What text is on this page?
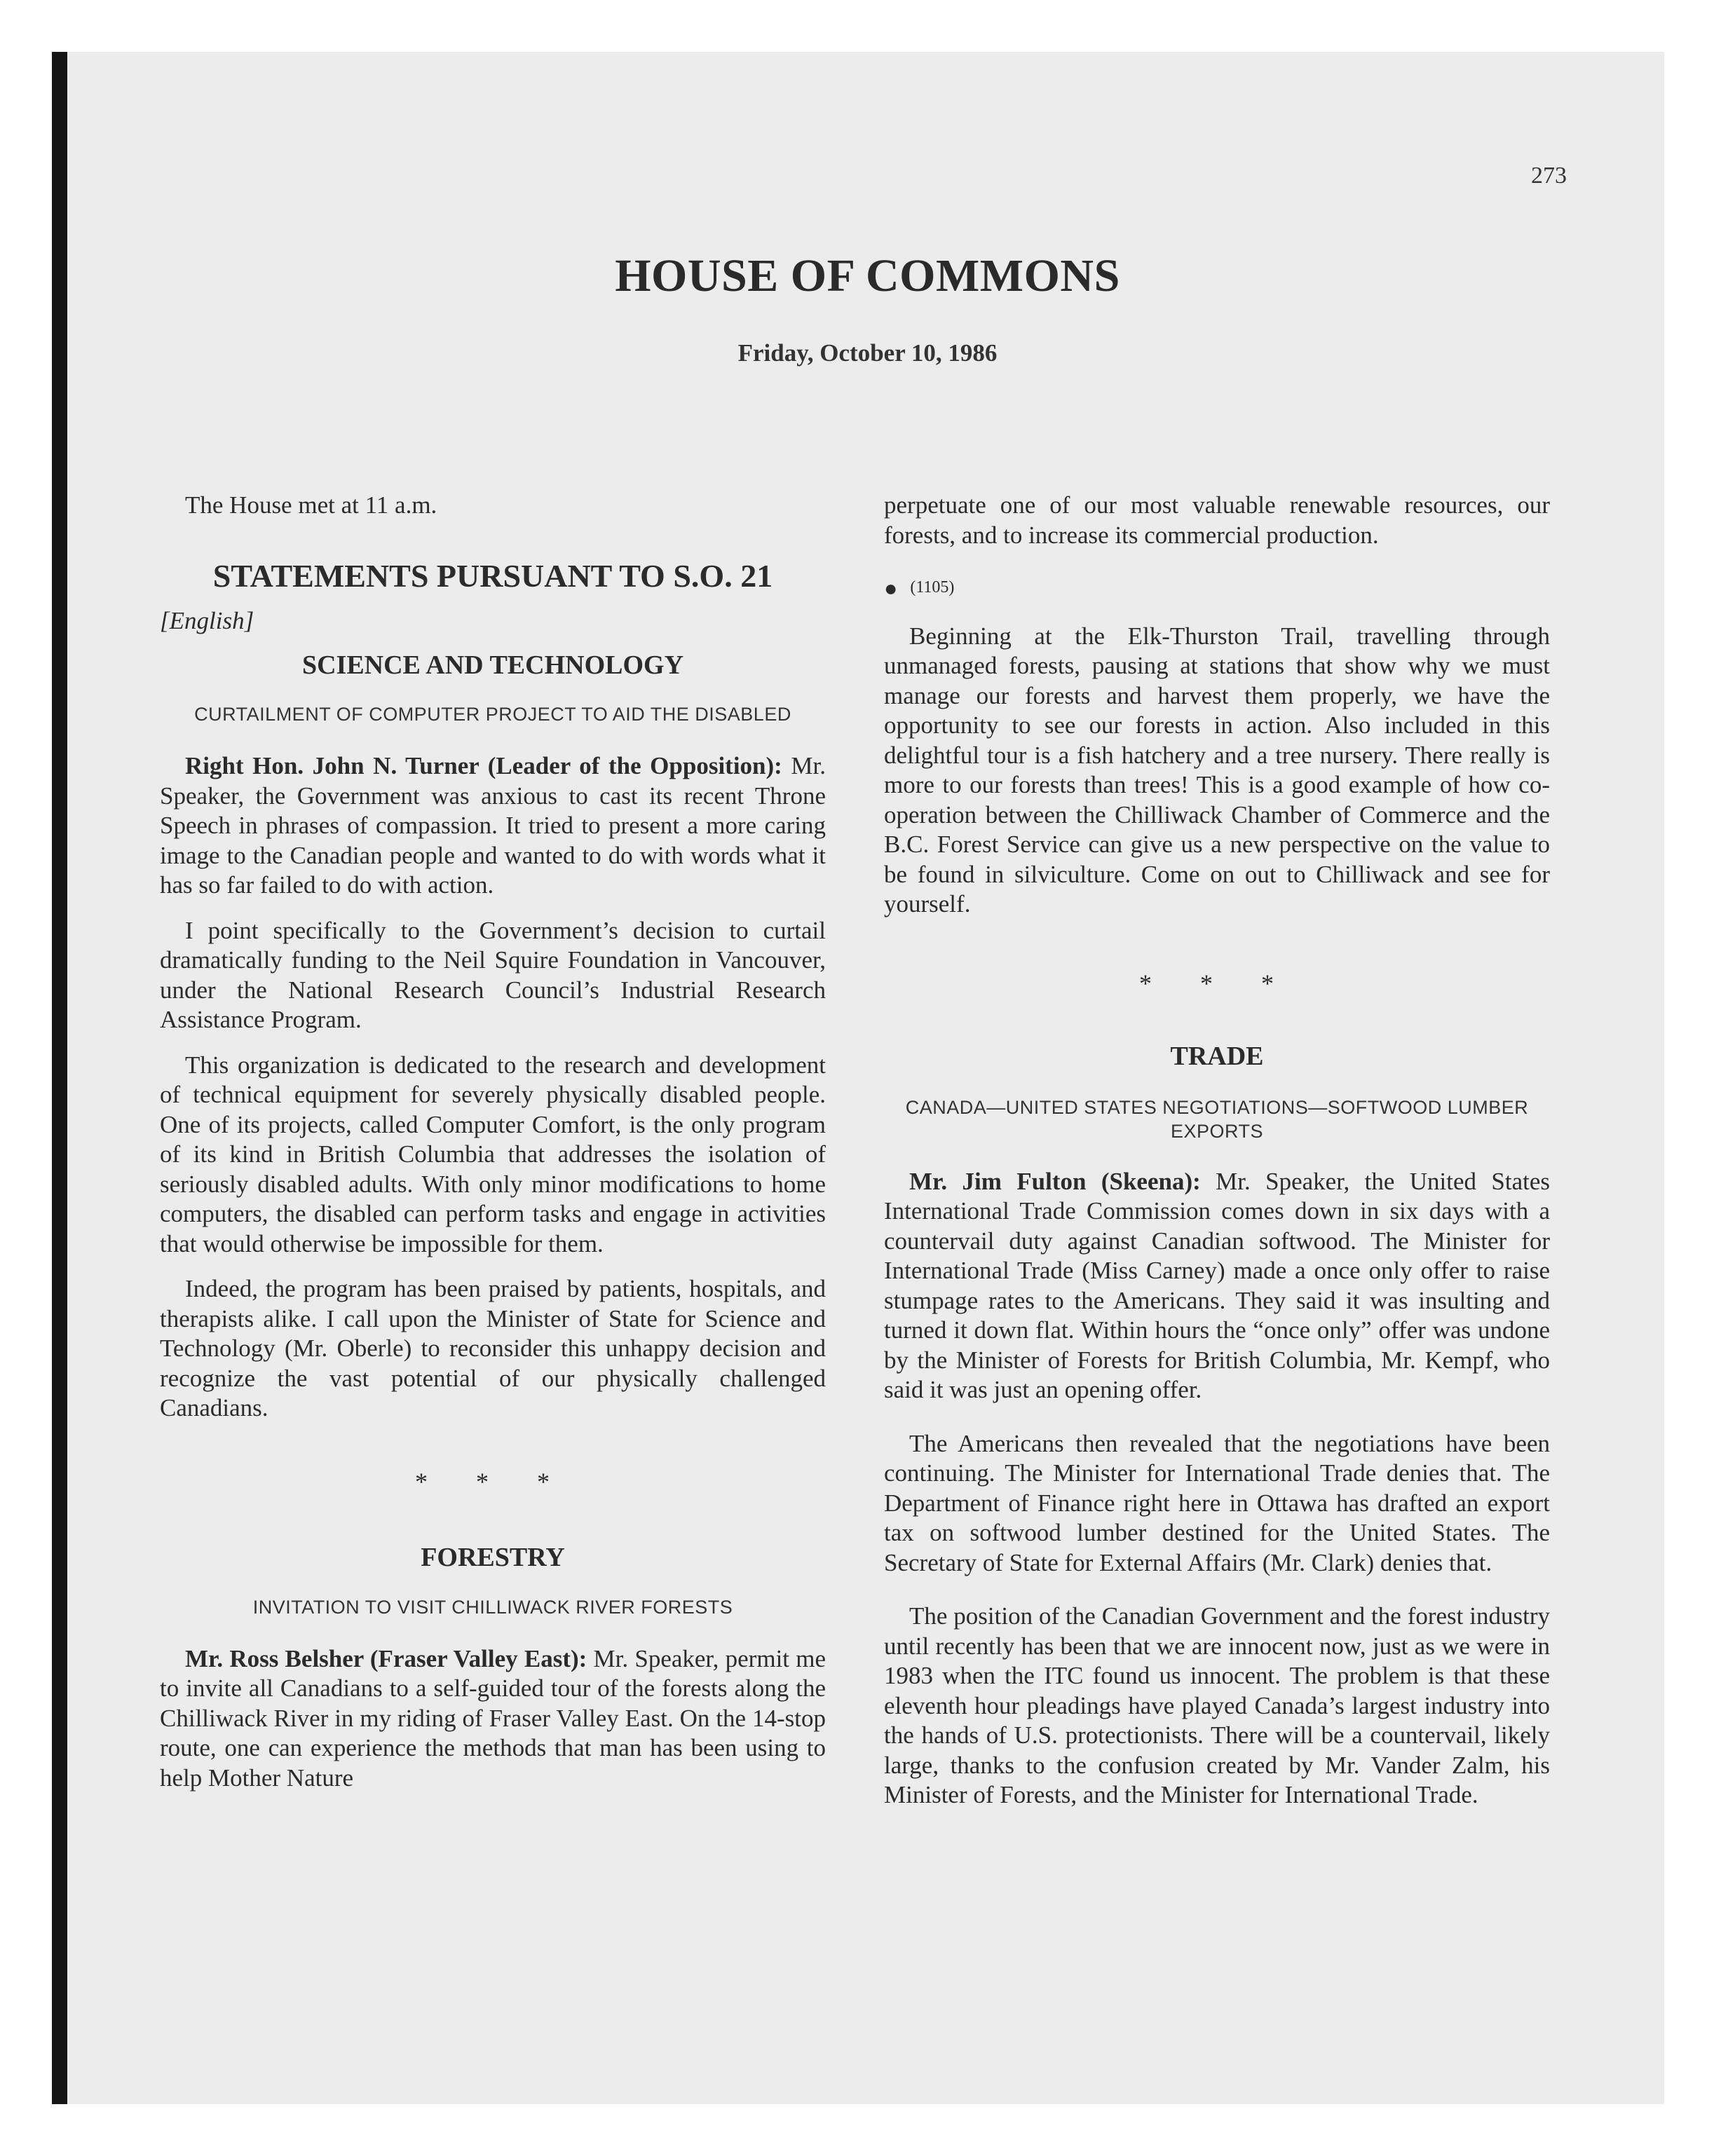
273
HOUSE OF COMMONS
Friday, October 10, 1986

The House met at 11 a.m.

STATEMENTS PURSUANT TO S.O. 21

[English]

SCIENCE AND TECHNOLOGY

CURTAILMENT OF COMPUTER PROJECT TO AID THE DISABLED

Right Hon. John N. Turner (Leader of the Opposition): Mr. Speaker, the Government was anxious to cast its recent Throne Speech in phrases of compassion. It tried to present a more caring image to the Canadian people and wanted to do with words what it has so far failed to do with action.

I point specifically to the Government’s decision to curtail dramatically funding to the Neil Squire Foundation in Vancouver, under the National Research Council’s Industrial Research Assistance Program.

This organization is dedicated to the research and development of technical equipment for severely physically disabled people. One of its projects, called Computer Comfort, is the only program of its kind in British Columbia that addresses the isolation of seriously disabled adults. With only minor modifications to home computers, the disabled can perform tasks and engage in activities that would otherwise be impossible for them.

Indeed, the program has been praised by patients, hospitals, and therapists alike. I call upon the Minister of State for Science and Technology (Mr. Oberle) to reconsider this unhappy decision and recognize the vast potential of our physically challenged Canadians.

* * *

FORESTRY

INVITATION TO VISIT CHILLIWACK RIVER FORESTS

Mr. Ross Belsher (Fraser Valley East): Mr. Speaker, permit me to invite all Canadians to a self-guided tour of the forests along the Chilliwack River in my riding of Fraser Valley East. On the 14-stop route, one can experience the methods that man has been using to help Mother Nature

perpetuate one of our most valuable renewable resources, our forests, and to increase its commercial production.

● (1105)

Beginning at the Elk-Thurston Trail, travelling through unmanaged forests, pausing at stations that show why we must manage our forests and harvest them properly, we have the opportunity to see our forests in action. Also included in this delightful tour is a fish hatchery and a tree nursery. There really is more to our forests than trees! This is a good example of how co-operation between the Chilliwack Chamber of Commerce and the B.C. Forest Service can give us a new perspective on the value to be found in silviculture. Come on out to Chilliwack and see for yourself.

* * *

TRADE

CANADA—UNITED STATES NEGOTIATIONS—SOFTWOOD LUMBER EXPORTS

Mr. Jim Fulton (Skeena): Mr. Speaker, the United States International Trade Commission comes down in six days with a countervail duty against Canadian softwood. The Minister for International Trade (Miss Carney) made a once only offer to raise stumpage rates to the Americans. They said it was insulting and turned it down flat. Within hours the “once only” offer was undone by the Minister of Forests for British Columbia, Mr. Kempf, who said it was just an opening offer.

The Americans then revealed that the negotiations have been continuing. The Minister for International Trade denies that. The Department of Finance right here in Ottawa has drafted an export tax on softwood lumber destined for the United States. The Secretary of State for External Affairs (Mr. Clark) denies that.

The position of the Canadian Government and the forest industry until recently has been that we are innocent now, just as we were in 1983 when the ITC found us innocent. The problem is that these eleventh hour pleadings have played Canada’s largest industry into the hands of U.S. protectionists. There will be a countervail, likely large, thanks to the confusion created by Mr. Vander Zalm, his Minister of Forests, and the Minister for International Trade.
